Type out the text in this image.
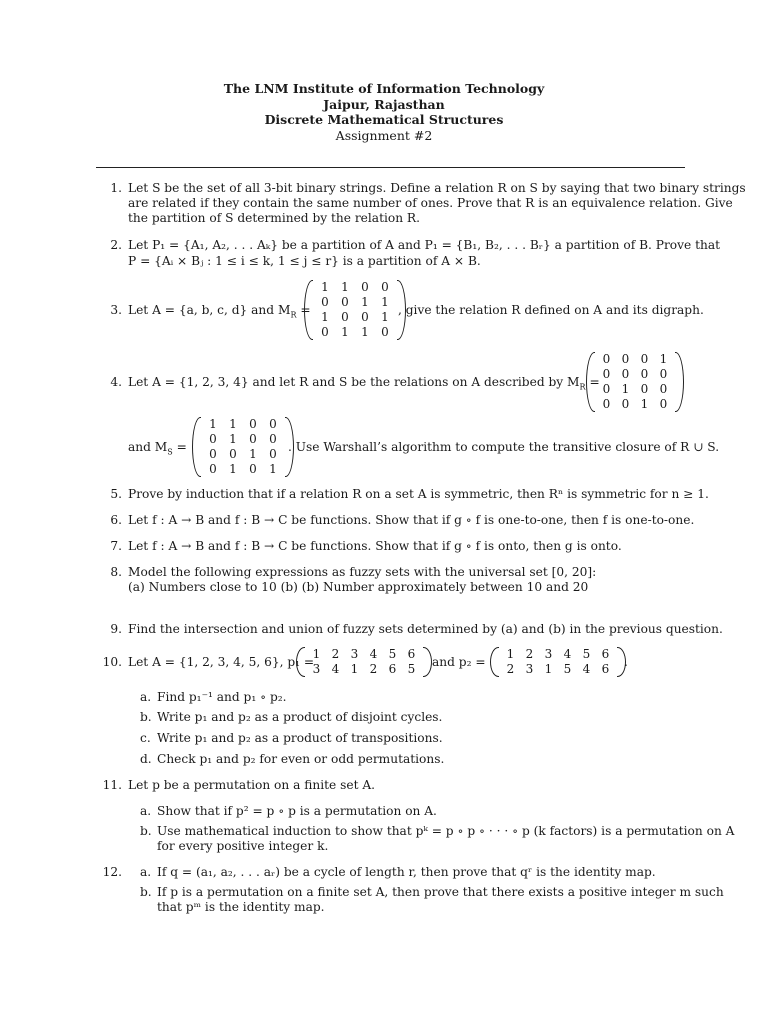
The LNM Institute of Information Technology
Jaipur, Rajasthan
Discrete Mathematical Structures
Assignment #2
1. Let S be the set of all 3-bit binary strings. Define a relation R on S by saying that two binary strings
are related if they contain the same number of ones. Prove that R is an equivalence relation. Give
the partition of S determined by the relation R.
2. Let P₁ = {A₁, A₂, . . . Aₖ} be a partition of A and P₁ = {B₁, B₂, . . . Bᵣ} a partition of B. Prove that
P = {Aᵢ × Bⱼ : 1 ≤ i ≤ k, 1 ≤ j ≤ r} is a partition of A × B.
3. Let A = {a, b, c, d} and $M_R$ =
1	1	0	0
0	0	1	1
1	0	0	1
0	1	1	0
, give the relation R defined on A and its digraph.
4. Let A = {1, 2, 3, 4} and let R and S be the relations on A described by $M_R$ =
0 0 0 1
0 0 0 0
0 1 0 0
0 0 1 0
and $M_S$ =
1	1	0	0
0	1	0	0
0	0	1	0
0	1	0	1
. Use Warshall’s algorithm to compute the transitive closure of R ∪ S.
5. Prove by induction that if a relation R on a set A is symmetric, then Rⁿ is symmetric for n ≥ 1.
6. Let f : A → B and f : B → C be functions. Show that if g ∘ f is one-to-one, then f is one-to-one.
7. Let f : A → B and f : B → C be functions. Show that if g ∘ f is onto, then g is onto.
8. Model the following expressions as fuzzy sets with the universal set [0, 20]:
(a) Numbers close to 10 (b) (b) Number approximately between 10 and 20
9. Find the intersection and union of fuzzy sets determined by (a) and (b) in the previous question.
10. Let A = {1, 2, 3, 4, 5, 6}, p₁ =
1 2 3 4 5 6
3 4 1 2 6 5	and p₂ =
1 2 3 4 5 6
2 3 1 5 4 6	.
a. Find p₁⁻¹ and p₁ ∘ p₂.
b. Write p₁ and p₂ as a product of disjoint cycles.
c. Write p₁ and p₂ as a product of transpositions.
d. Check p₁ and p₂ for even or odd permutations.
11. Let p be a permutation on a finite set A.
a. Show that if p² = p ∘ p is a permutation on A.
b. Use mathematical induction to show that pᵏ = p ∘ p ∘ · · · ∘ p (k factors) is a permutation on A
for every positive integer k.
12. a. If q = (a₁, a₂, . . . aᵣ) be a cycle of length r, then prove that qʳ is the identity map.
b. If p is a permutation on a finite set A, then prove that there exists a positive integer m such
that pᵐ is the identity map.
